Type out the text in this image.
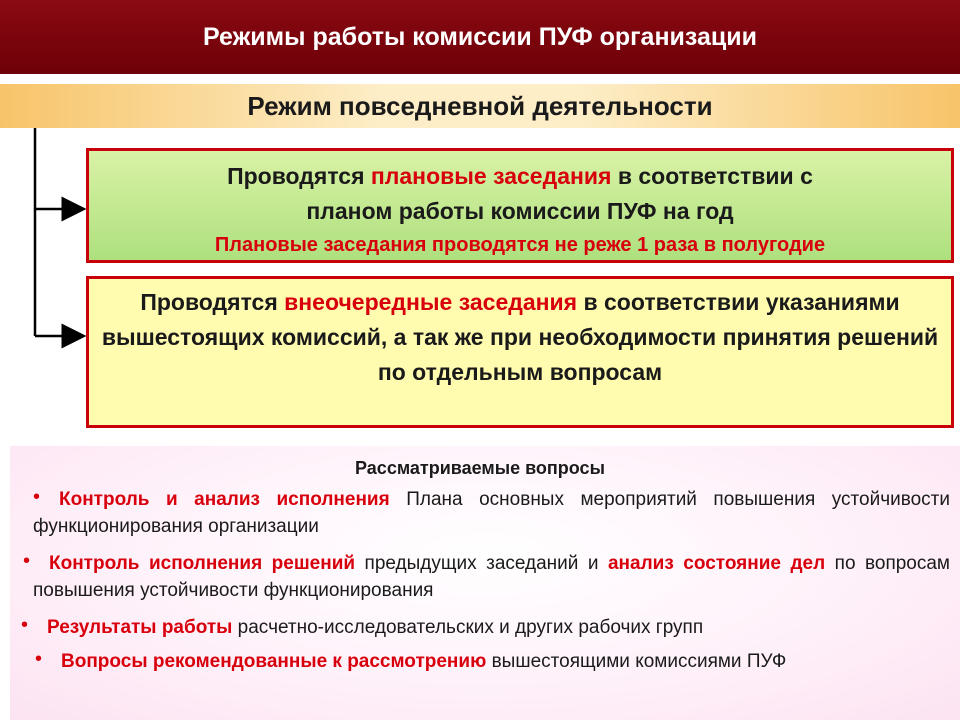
Режимы работы комиссии ПУФ организации
Режим повседневной деятельности
Проводятся плановые заседания в соответствии с
планом работы комиссии ПУФ на год
Плановые заседания проводятся не реже 1 раза в полугодие
Проводятся внеочередные заседания в соответствии указаниями вышестоящих комиссий, а так же при необходимости принятия решений по отдельным вопросам
Рассматриваемые вопросы
• Контроль и анализ исполнения Плана основных мероприятий повышения устойчивости функционирования организации
• Контроль исполнения решений предыдущих заседаний и анализ состояние дел по вопросам повышения устойчивости функционирования
• Результаты работы расчетно-исследовательских и других рабочих групп
• Вопросы рекомендованные к рассмотрению вышестоящими комиссиями ПУФ
